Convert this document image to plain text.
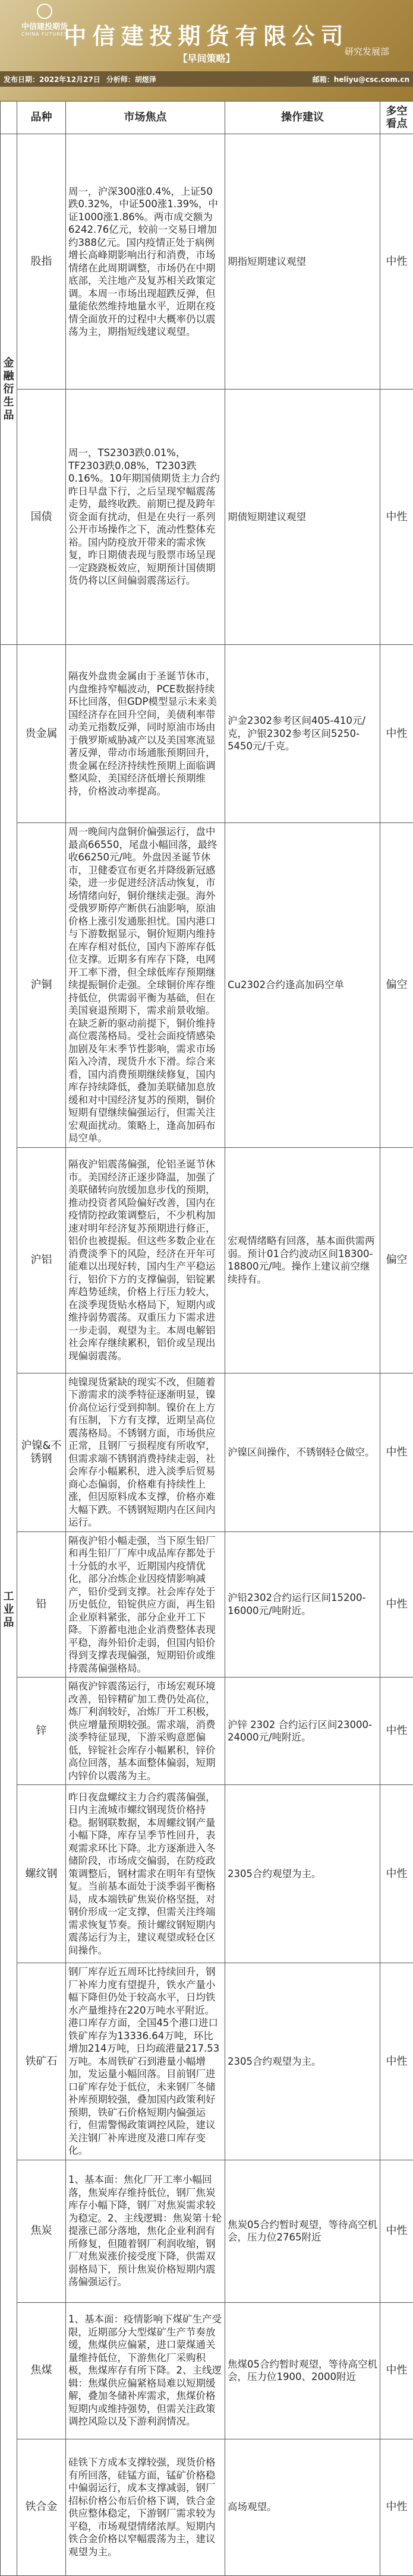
中信建投期货
CHINA FUTURES
中信建投期货有限公司
研究发展部
【早间策略】
发布日期：2022年12月27日 分析师：胡煜泽	邮箱：heliyu@csc.com.cn
	品种	市场焦点	操作建议	多空看点

金融衍生品	股指	周一，沪深300涨0.4%，上证50跌0.32%，中证500涨1.39%，中证1000涨1.86%。两市成交额为6242.76亿元，较前一交易日增加约388亿元。国内疫情正处于病例增长高峰期影响出行和消费，市场情绪在此周期调整，市场仍在中期底部，关注地产及复苏相关政策定调。本周一市场出现超跌反弹，但量能依然维持地量水平，近期在疫情全面放开的过程中大概率仍以震荡为主，期指短线建议观望。	期指短期建议观望	中性
	国债	周一，TS2303跌0.01%，TF2303跌0.08%，T2303跌0.16%。10年期国债期货主力合约昨日早盘下行，之后呈现窄幅震荡走势，最终收跌。前期已提及跨年资金面有扰动，但是在央行一系列公开市场操作之下，流动性整体充裕。国内防疫放开带来的需求恢复，昨日期债表现与股票市场呈现一定跷跷板效应，短期预计国债期货仍将以区间偏弱震荡运行。	期债短期建议观望	中性

工业品	贵金属	隔夜外盘贵金属由于圣诞节休市，内盘维持窄幅波动，PCE数据持续环比回落，但GDP模型显示未来美国经济存在回升空间，美债利率带动美元指数反弹，同时原油市场由于俄罗斯威胁减产以及美国寒流显著反弹，带动市场通胀预期回升，贵金属在经济持续性预期上面临调整风险，美国经济低增长预期维持，价格波动率提高。	沪金2302参考区间405-410元/克，沪银2302参考区间5250-5450元/千克。	中性
	沪铜	周一晚间内盘铜价偏强运行，盘中最高66550，尾盘小幅回落，最终收66250元/吨。外盘因圣诞节休市，卫健委宣布更名并降级新冠感染，进一步促进经济活动恢复，市场情绪向好，铜价继续走强。海外受俄罗斯停产断供石油影响，原油价格上涨引发通胀担忧。国内港口与下游数据显示，铜价短期内维持在库存相对低位，国内下游库存低位支撑。近期多有库存下降，电网开工率下滑，但全球低库存预期继续提振铜价走强。全球铜价库存维持低位，供需弱平衡为基础，但在美国衰退预期下，需求前景收缩。在缺乏新的驱动前提下，铜价维持高位震荡格局。受社会面疫情感染加剧及年末季节性影响，需求市场陷入冷清，现货升水下滑。综合来看，国内消费预期继续修复，国内库存持续降低，叠加美联储加息放缓和对中国经济复苏的预期，铜价短期有望继续偏强运行，但需关注宏观面扰动。策略上，逢高加码布局空单。	Cu2302合约逢高加码空单	偏空
	沪铝	隔夜沪铝震荡偏强，伦铝圣诞节休市。美国经济正逐步降温，加强了美联储转向放缓加息步伐的预期，推动投资者风险偏好改善，国内在疫情防控政策调整后，不少机构加速对明年经济复苏预期进行修正，铝价也被提振。但这些多数企业在消费淡季下的风险，经济在开年可能难以出现好转，国内生产平稳运行，铝价下方的支撑偏弱，铝锭累库趋势延续，价格上行压力较大，在淡季现货贴水格局下，短期内或维持弱势震荡。双重压力下需求进一步走弱，观望为主。本周电解铝社会库存继续累积，铝价或呈现出现偏弱震荡。	宏观情绪略有回落，基本面供需两弱。预计01合约波动区间18300-18800元/吨。操作上建议前空继续持有。	偏空
	沪镍&不锈钢	纯镍现货紧缺的现实不改，但随着下游需求的淡季特征逐渐明显，镍价高位运行受到抑制。镍价在上方有压制，下方有支撑，近期呈高位震荡格局。不锈钢方面，市场供应正常，且钢厂亏损程度有所收窄，但需求端不锈钢消费持续走弱，社会库存小幅累积，进入淡季后贸易商心态偏弱，价格难有持续性上涨，但因原料成本支撑，价格亦难大幅下跌。不锈钢短期内在区间内运行。	沪镍区间操作，不锈钢轻仓做空。	中性
	铅	隔夜沪铅小幅走强，当下原生铅厂和再生铅厂厂库中成品库存都处于十分低的水平，近期国内疫情优化，部分冶炼企业因疫情影响减产，铅价受到支撑。社会库存处于历史低位，铅锭供应方面，再生铅企业原料紧张，部分企业开工下降。下游蓄电池企业消费整体表现平稳，海外铅价走弱，但国内铅价得到支撑表现偏强，短期铅价或维持震荡偏强格局。	沪铅2302合约运行区间15200-16000元/吨附近。	中性
	锌	隔夜沪锌震荡运行，市场宏观环境改善，铅锌精矿加工费仍处高位，炼厂利润较好，冶炼厂开工积极，供应增量预期较强。需求端，消费淡季特征显现，下游采购意愿偏低，锌锭社会库存小幅累积，锌价高位回落，基本面整体偏弱，短期内锌价以震荡为主。	沪锌 2302 合约运行区间23000-24000元/吨附近。	中性
	螺纹钢	昨日夜盘螺纹主力合约震荡偏强，日内主流城市螺纹钢现货价格持稳。据钢联数据，本周螺纹钢产量小幅下降，库存呈季节性回升，表观需求环比下降。北方逐渐进入冬储阶段，市场成交偏弱，在防疫政策调整后，钢材需求在明年有望恢复。当前基本面处于淡季弱平衡格局，成本端铁矿焦炭价格坚挺，对钢价形成一定支撑，但需关注终端需求恢复节奏。预计螺纹钢短期内震荡运行为主，建议观望或轻仓区间操作。	2305合约观望为主。	中性
	铁矿石	钢厂库存近五周环比持续回升，钢厂补库力度有望提升，铁水产量小幅下降但仍处于较高水平，日均铁水产量维持在220万吨水平附近。港口库存方面，全国45个港口进口铁矿库存为13336.64万吨，环比增加214万吨，日均疏港量217.53万吨。本周铁矿石到港量小幅增加，发运量小幅回落。目前钢厂进口矿库存处于低位，未来钢厂冬储补库预期较强，叠加国内政策利好预期，铁矿石价格短期内偏强运行，但需警惕政策调控风险，建议关注钢厂补库进度及港口库存变化。	2305合约观望为主。	中性
	焦炭	1、基本面：焦化厂开工率小幅回落，焦炭库存维持低位，钢厂焦炭库存小幅下降，钢厂对焦炭需求较为稳定。2、主线逻辑：焦炭第十轮提涨已部分落地，焦化企业利润有所修复，但随着钢厂利润收缩，钢厂对焦炭涨价接受度下降，供需双弱格局下，预计焦炭价格短期内震荡偏强运行。	焦炭05合约暂时观望，等待高空机会，压力位2765附近	中性
	焦煤	1、基本面：疫情影响下煤矿生产受限，近期部分大型煤矿生产节奏放缓，焦煤供应偏紧，进口蒙煤通关量维持低位，下游焦化厂采购积极，焦煤库存有所下降。2、主线逻辑：焦煤供应偏紧格局难以短期缓解，叠加冬储补库需求，焦煤价格短期内或维持强势，但需关注政策调控风险以及下游利润情况。	焦煤05合约暂时观望，等待高空机会，压力位1900、2000附近	中性
	铁合金	硅铁下方成本支撑较强，现货价格有所回落，硅锰方面，锰矿价格稳中偏弱运行，成本支撑减弱，钢厂招标价格公布后价格下调，铁合金供应整体稳定，下游钢厂需求较为平稳，市场观望情绪浓厚。短期内铁合金价格以窄幅震荡为主，建议观望为主。	高场观望。	中性
